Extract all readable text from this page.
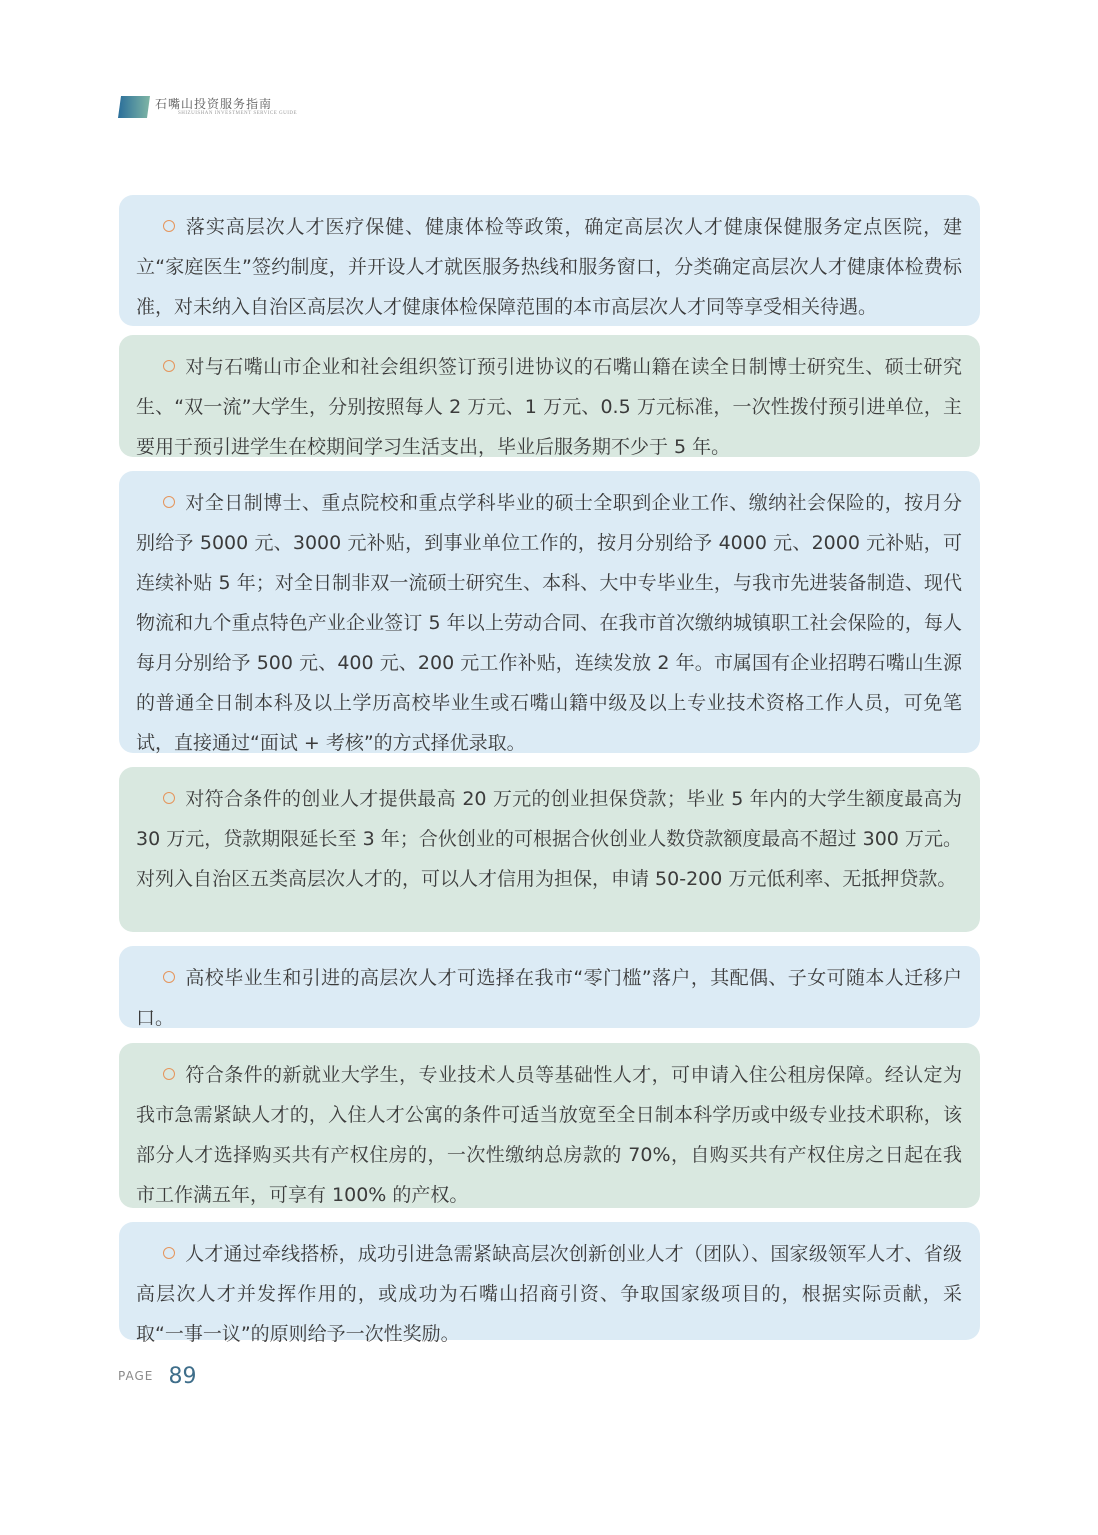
石嘴山投资服务指南
SHIZUISHAN INVESTMENT SERVICE GUIDE
落实高层次人才医疗保健、健康体检等政策，确定高层次人才健康保健服务定点医院，建立“家庭医生”签约制度，并开设人才就医服务热线和服务窗口，分类确定高层次人才健康体检费标准，对未纳入自治区高层次人才健康体检保障范围的本市高层次人才同等享受相关待遇。
对与石嘴山市企业和社会组织签订预引进协议的石嘴山籍在读全日制博士研究生、硕士研究生、“双一流”大学生，分别按照每人 2 万元、1 万元、0.5 万元标准，一次性拨付预引进单位，主要用于预引进学生在校期间学习生活支出，毕业后服务期不少于 5 年。
对全日制博士、重点院校和重点学科毕业的硕士全职到企业工作、缴纳社会保险的，按月分别给予 5000 元、3000 元补贴，到事业单位工作的，按月分别给予 4000 元、2000 元补贴，可连续补贴 5 年；对全日制非双一流硕士研究生、本科、大中专毕业生，与我市先进装备制造、现代物流和九个重点特色产业企业签订 5 年以上劳动合同、在我市首次缴纳城镇职工社会保险的，每人每月分别给予 500 元、400 元、200 元工作补贴，连续发放 2 年。市属国有企业招聘石嘴山生源的普通全日制本科及以上学历高校毕业生或石嘴山籍中级及以上专业技术资格工作人员，可免笔试，直接通过“面试 + 考核”的方式择优录取。
对符合条件的创业人才提供最高 20 万元的创业担保贷款；毕业 5 年内的大学生额度最高为 30 万元，贷款期限延长至 3 年；合伙创业的可根据合伙创业人数贷款额度最高不超过 300 万元。对列入自治区五类高层次人才的，可以人才信用为担保，申请 50-200 万元低利率、无抵押贷款。
高校毕业生和引进的高层次人才可选择在我市“零门槛”落户，其配偶、子女可随本人迁移户口。
符合条件的新就业大学生，专业技术人员等基础性人才，可申请入住公租房保障。经认定为我市急需紧缺人才的，入住人才公寓的条件可适当放宽至全日制本科学历或中级专业技术职称，该部分人才选择购买共有产权住房的，一次性缴纳总房款的 70%，自购买共有产权住房之日起在我市工作满五年，可享有 100% 的产权。
人才通过牵线搭桥，成功引进急需紧缺高层次创新创业人才（团队）、国家级领军人才、省级高层次人才并发挥作用的，或成功为石嘴山招商引资、争取国家级项目的，根据实际贡献，采取“一事一议”的原则给予一次性奖励。
PAGE 89
